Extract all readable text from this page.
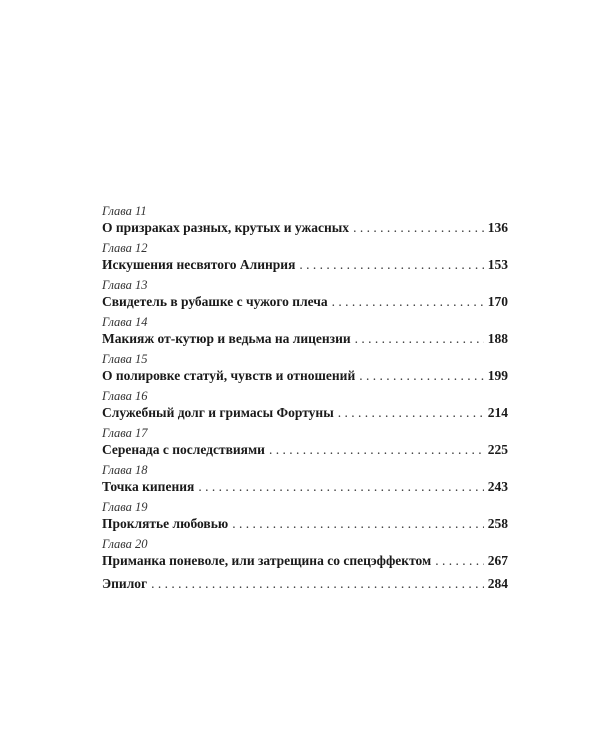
Глава 11
О призраках разных, крутых и ужасных . . .	136
Глава 12
Искушения несвятого Алинрия . . .	153
Глава 13
Свидетель в рубашке с чужого плеча . . .	170
Глава 14
Макияж от-кутюр и ведьма на лицензии . . .	188
Глава 15
О полировке статуй, чувств и отношений . . .	199
Глава 16
Служебный долг и гримасы Фортуны . . .	214
Глава 17
Серенада с последствиями . . .	225
Глава 18
Точка кипения . . .	243
Глава 19
Проклятье любовью . . .	258
Глава 20
Приманка поневоле, или затрещина со спецэффектом . . .	267
Эпилог . . .	284
